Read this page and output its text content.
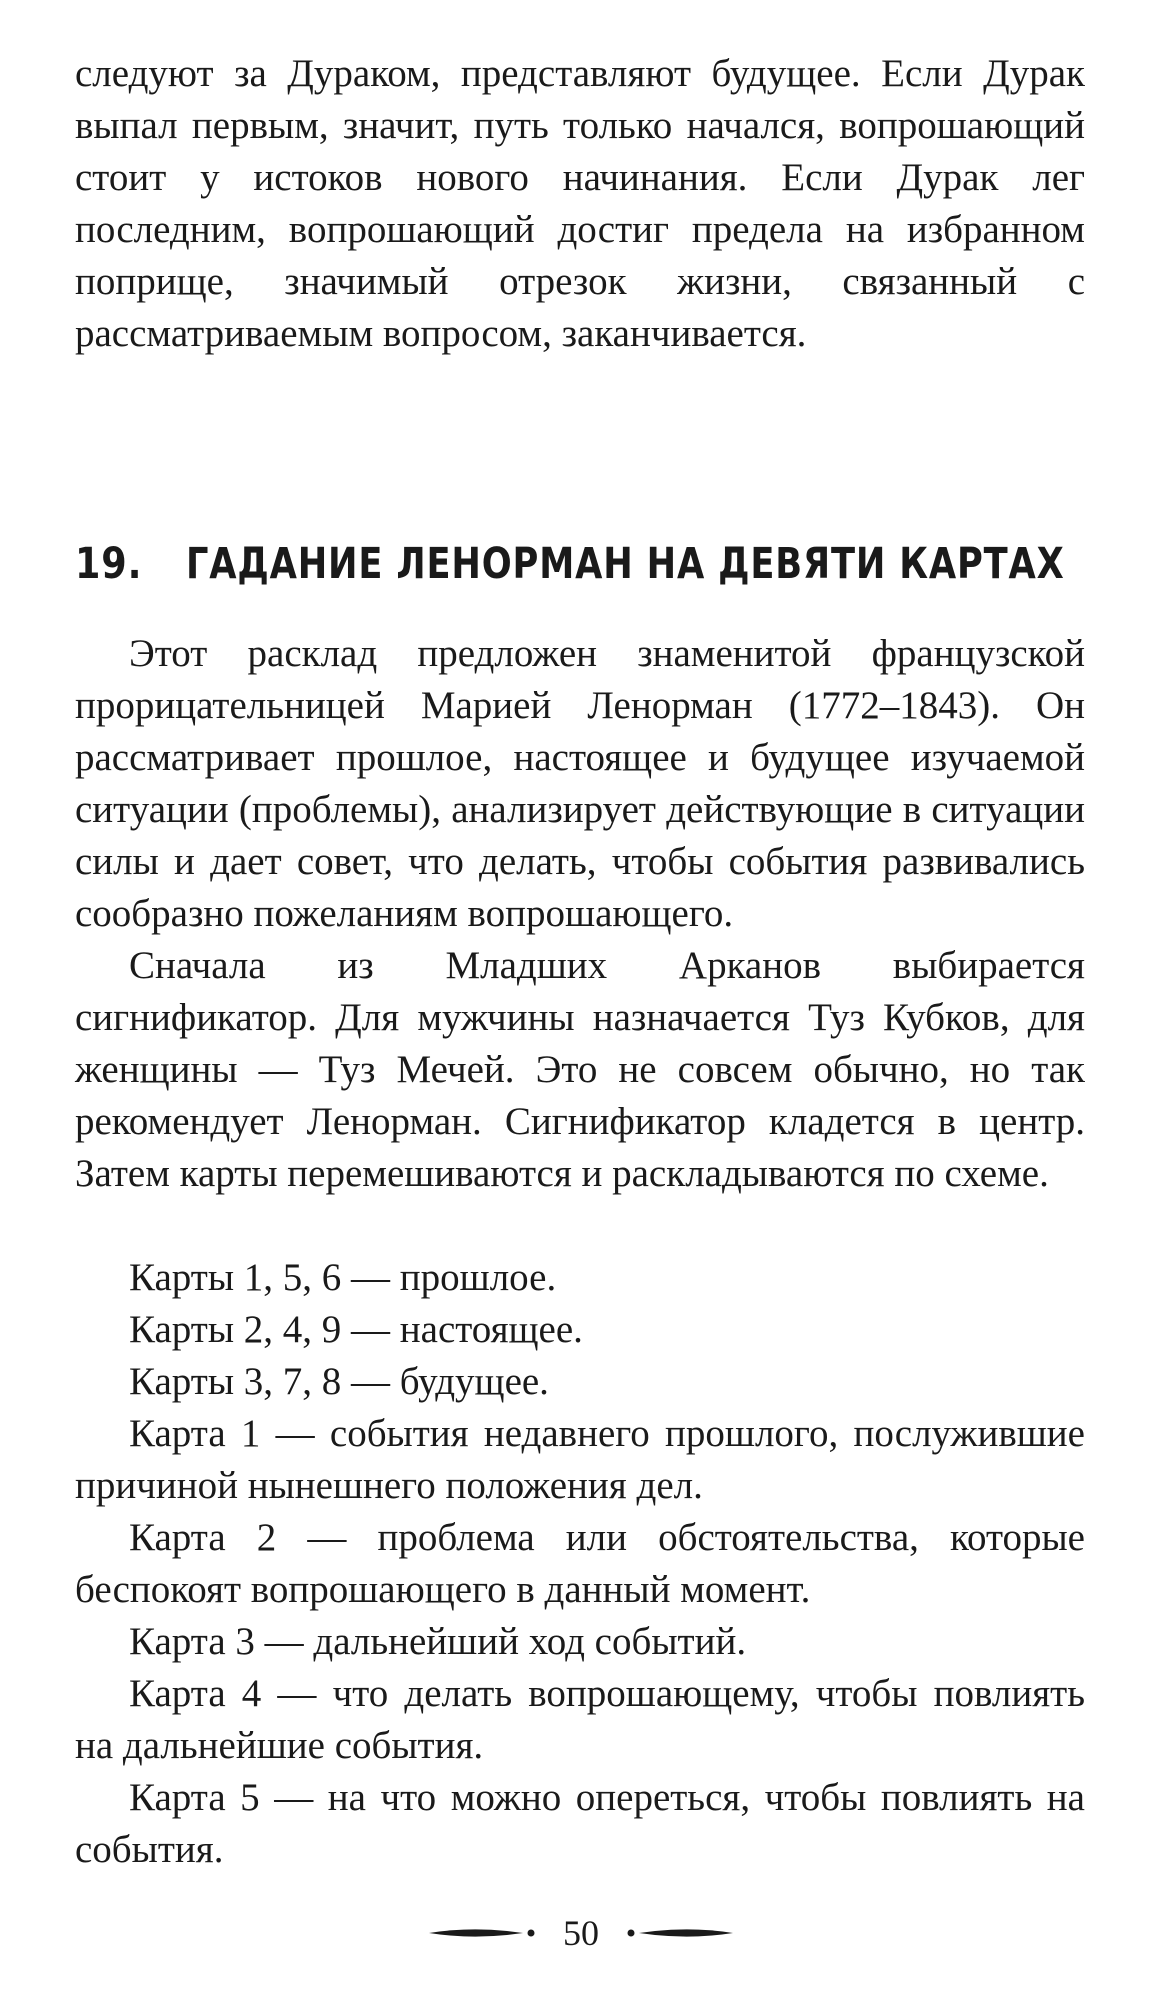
следуют за Дураком, представляют будущее. Если Дурак выпал первым, значит, путь только начался, вопрошающий стоит у истоков нового начинания. Если Дурак лег последним, вопрошающий достиг предела на избранном поприще, значимый отрезок жизни, связанный с рассматриваемым вопросом, заканчивается.

19. ГАДАНИЕ ЛЕНОРМАН НА ДЕВЯТИ КАРТАХ

Этот расклад предложен знаменитой французской прорицательницей Марией Ленорман (1772–1843). Он рассматривает прошлое, настоящее и будущее изучаемой ситуации (проблемы), анализирует действующие в ситуации силы и дает совет, что делать, чтобы события развивались сообразно пожеланиям вопрошающего.

Сначала из Младших Арканов выбирается сигнификатор. Для мужчины назначается Туз Кубков, для женщины — Туз Мечей. Это не совсем обычно, но так рекомендует Ленорман. Сигнификатор кладется в центр. Затем карты перемешиваются и раскладываются по схеме.

Карты 1, 5, 6 — прошлое.

Карты 2, 4, 9 — настоящее.

Карты 3, 7, 8 — будущее.

Карта 1 — события недавнего прошлого, послужившие причиной нынешнего положения дел.

Карта 2 — проблема или обстоятельства, которые беспокоят вопрошающего в данный момент.

Карта 3 — дальнейший ход событий.

Карта 4 — что делать вопрошающему, чтобы повлиять на дальнейшие события.

Карта 5 — на что можно опереться, чтобы повлиять на события.

50
